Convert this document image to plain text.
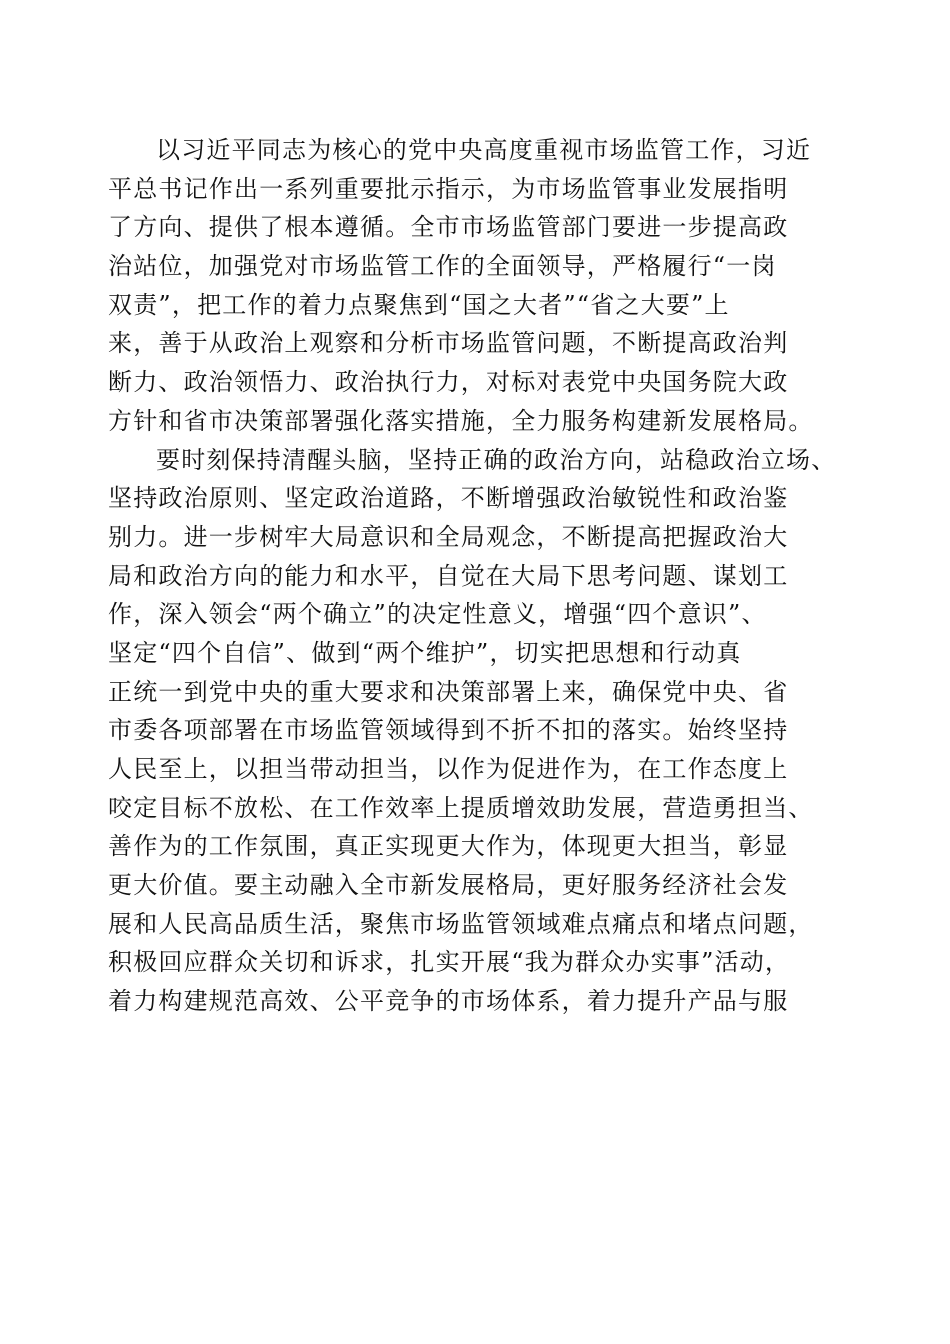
以习近平同志为核心的党中央高度重视市场监管工作，习近
平总书记作出一系列重要批示指示，为市场监管事业发展指明
了方向、提供了根本遵循。全市市场监管部门要进一步提高政
治站位，加强党对市场监管工作的全面领导，严格履行“一岗
双责”，把工作的着力点聚焦到“国之大者”“省之大要”上
来，善于从政治上观察和分析市场监管问题，不断提高政治判
断力、政治领悟力、政治执行力，对标对表党中央国务院大政
方针和省市决策部署强化落实措施，全力服务构建新发展格局。
要时刻保持清醒头脑，坚持正确的政治方向，站稳政治立场、
坚持政治原则、坚定政治道路，不断增强政治敏锐性和政治鉴
别力。进一步树牢大局意识和全局观念，不断提高把握政治大
局和政治方向的能力和水平，自觉在大局下思考问题、谋划工
作，深入领会“两个确立”的决定性意义，增强“四个意识”、
坚定“四个自信”、做到“两个维护”，切实把思想和行动真
正统一到党中央的重大要求和决策部署上来，确保党中央、省
市委各项部署在市场监管领域得到不折不扣的落实。始终坚持
人民至上，以担当带动担当，以作为促进作为，在工作态度上
咬定目标不放松、在工作效率上提质增效助发展，营造勇担当、
善作为的工作氛围，真正实现更大作为，体现更大担当，彰显
更大价值。要主动融入全市新发展格局，更好服务经济社会发
展和人民高品质生活，聚焦市场监管领域难点痛点和堵点问题，
积极回应群众关切和诉求，扎实开展“我为群众办实事”活动，
着力构建规范高效、公平竞争的市场体系，着力提升产品与服
